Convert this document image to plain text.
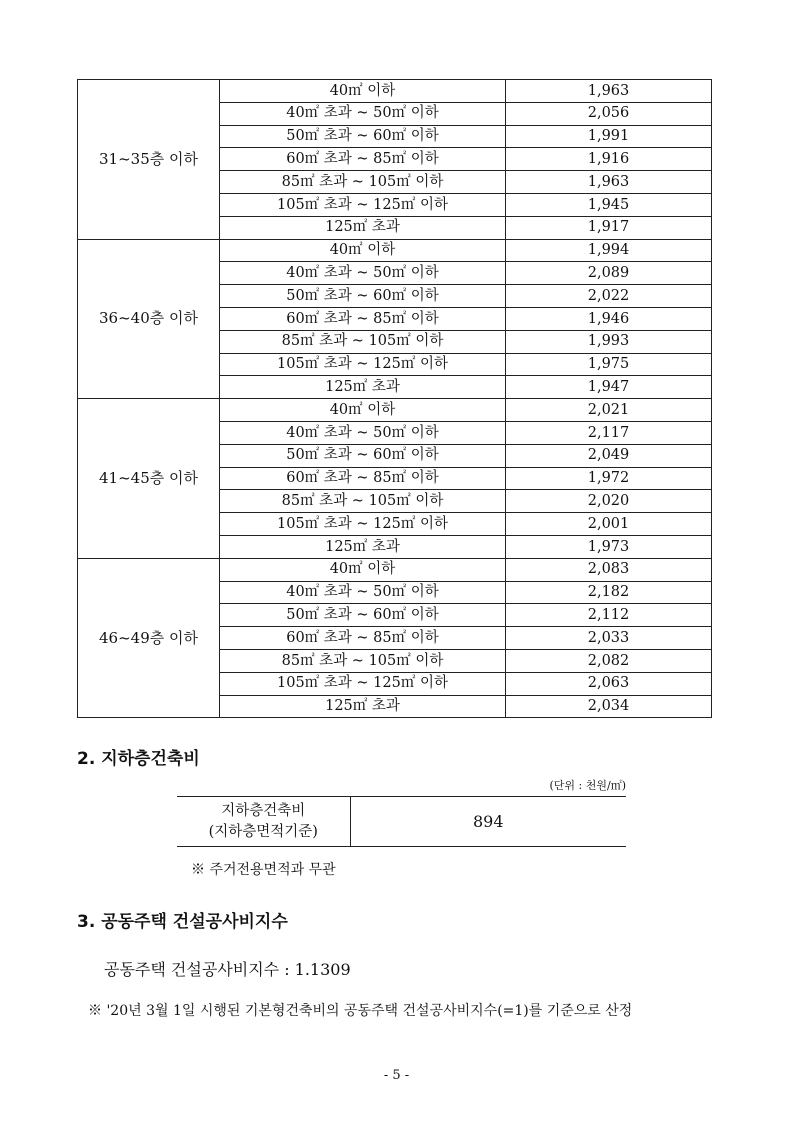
31~35층 이하	40㎡ 이하	1,963
	40㎡ 초과 ~ 50㎡ 이하	2,056
	50㎡ 초과 ~ 60㎡ 이하	1,991
	60㎡ 초과 ~ 85㎡ 이하	1,916
	85㎡ 초과 ~ 105㎡ 이하	1,963
	105㎡ 초과 ~ 125㎡ 이하	1,945
	125㎡ 초과	1,917
36~40층 이하	40㎡ 이하	1,994
	40㎡ 초과 ~ 50㎡ 이하	2,089
	50㎡ 초과 ~ 60㎡ 이하	2,022
	60㎡ 초과 ~ 85㎡ 이하	1,946
	85㎡ 초과 ~ 105㎡ 이하	1,993
	105㎡ 초과 ~ 125㎡ 이하	1,975
	125㎡ 초과	1,947
41~45층 이하	40㎡ 이하	2,021
	40㎡ 초과 ~ 50㎡ 이하	2,117
	50㎡ 초과 ~ 60㎡ 이하	2,049
	60㎡ 초과 ~ 85㎡ 이하	1,972
	85㎡ 초과 ~ 105㎡ 이하	2,020
	105㎡ 초과 ~ 125㎡ 이하	2,001
	125㎡ 초과	1,973
46~49층 이하	40㎡ 이하	2,083
	40㎡ 초과 ~ 50㎡ 이하	2,182
	50㎡ 초과 ~ 60㎡ 이하	2,112
	60㎡ 초과 ~ 85㎡ 이하	2,033
	85㎡ 초과 ~ 105㎡ 이하	2,082
	105㎡ 초과 ~ 125㎡ 이하	2,063
	125㎡ 초과	2,034
2. 지하층건축비
(단위 : 천원/㎡)
지하층건축비
(지하층면적기준)
	894
※ 주거전용면적과 무관
3. 공동주택 건설공사비지수
공동주택 건설공사비지수 : 1.1309
※ '20년 3월 1일 시행된 기본형건축비의 공동주택 건설공사비지수(=1)를 기준으로 산정
- 5 -
